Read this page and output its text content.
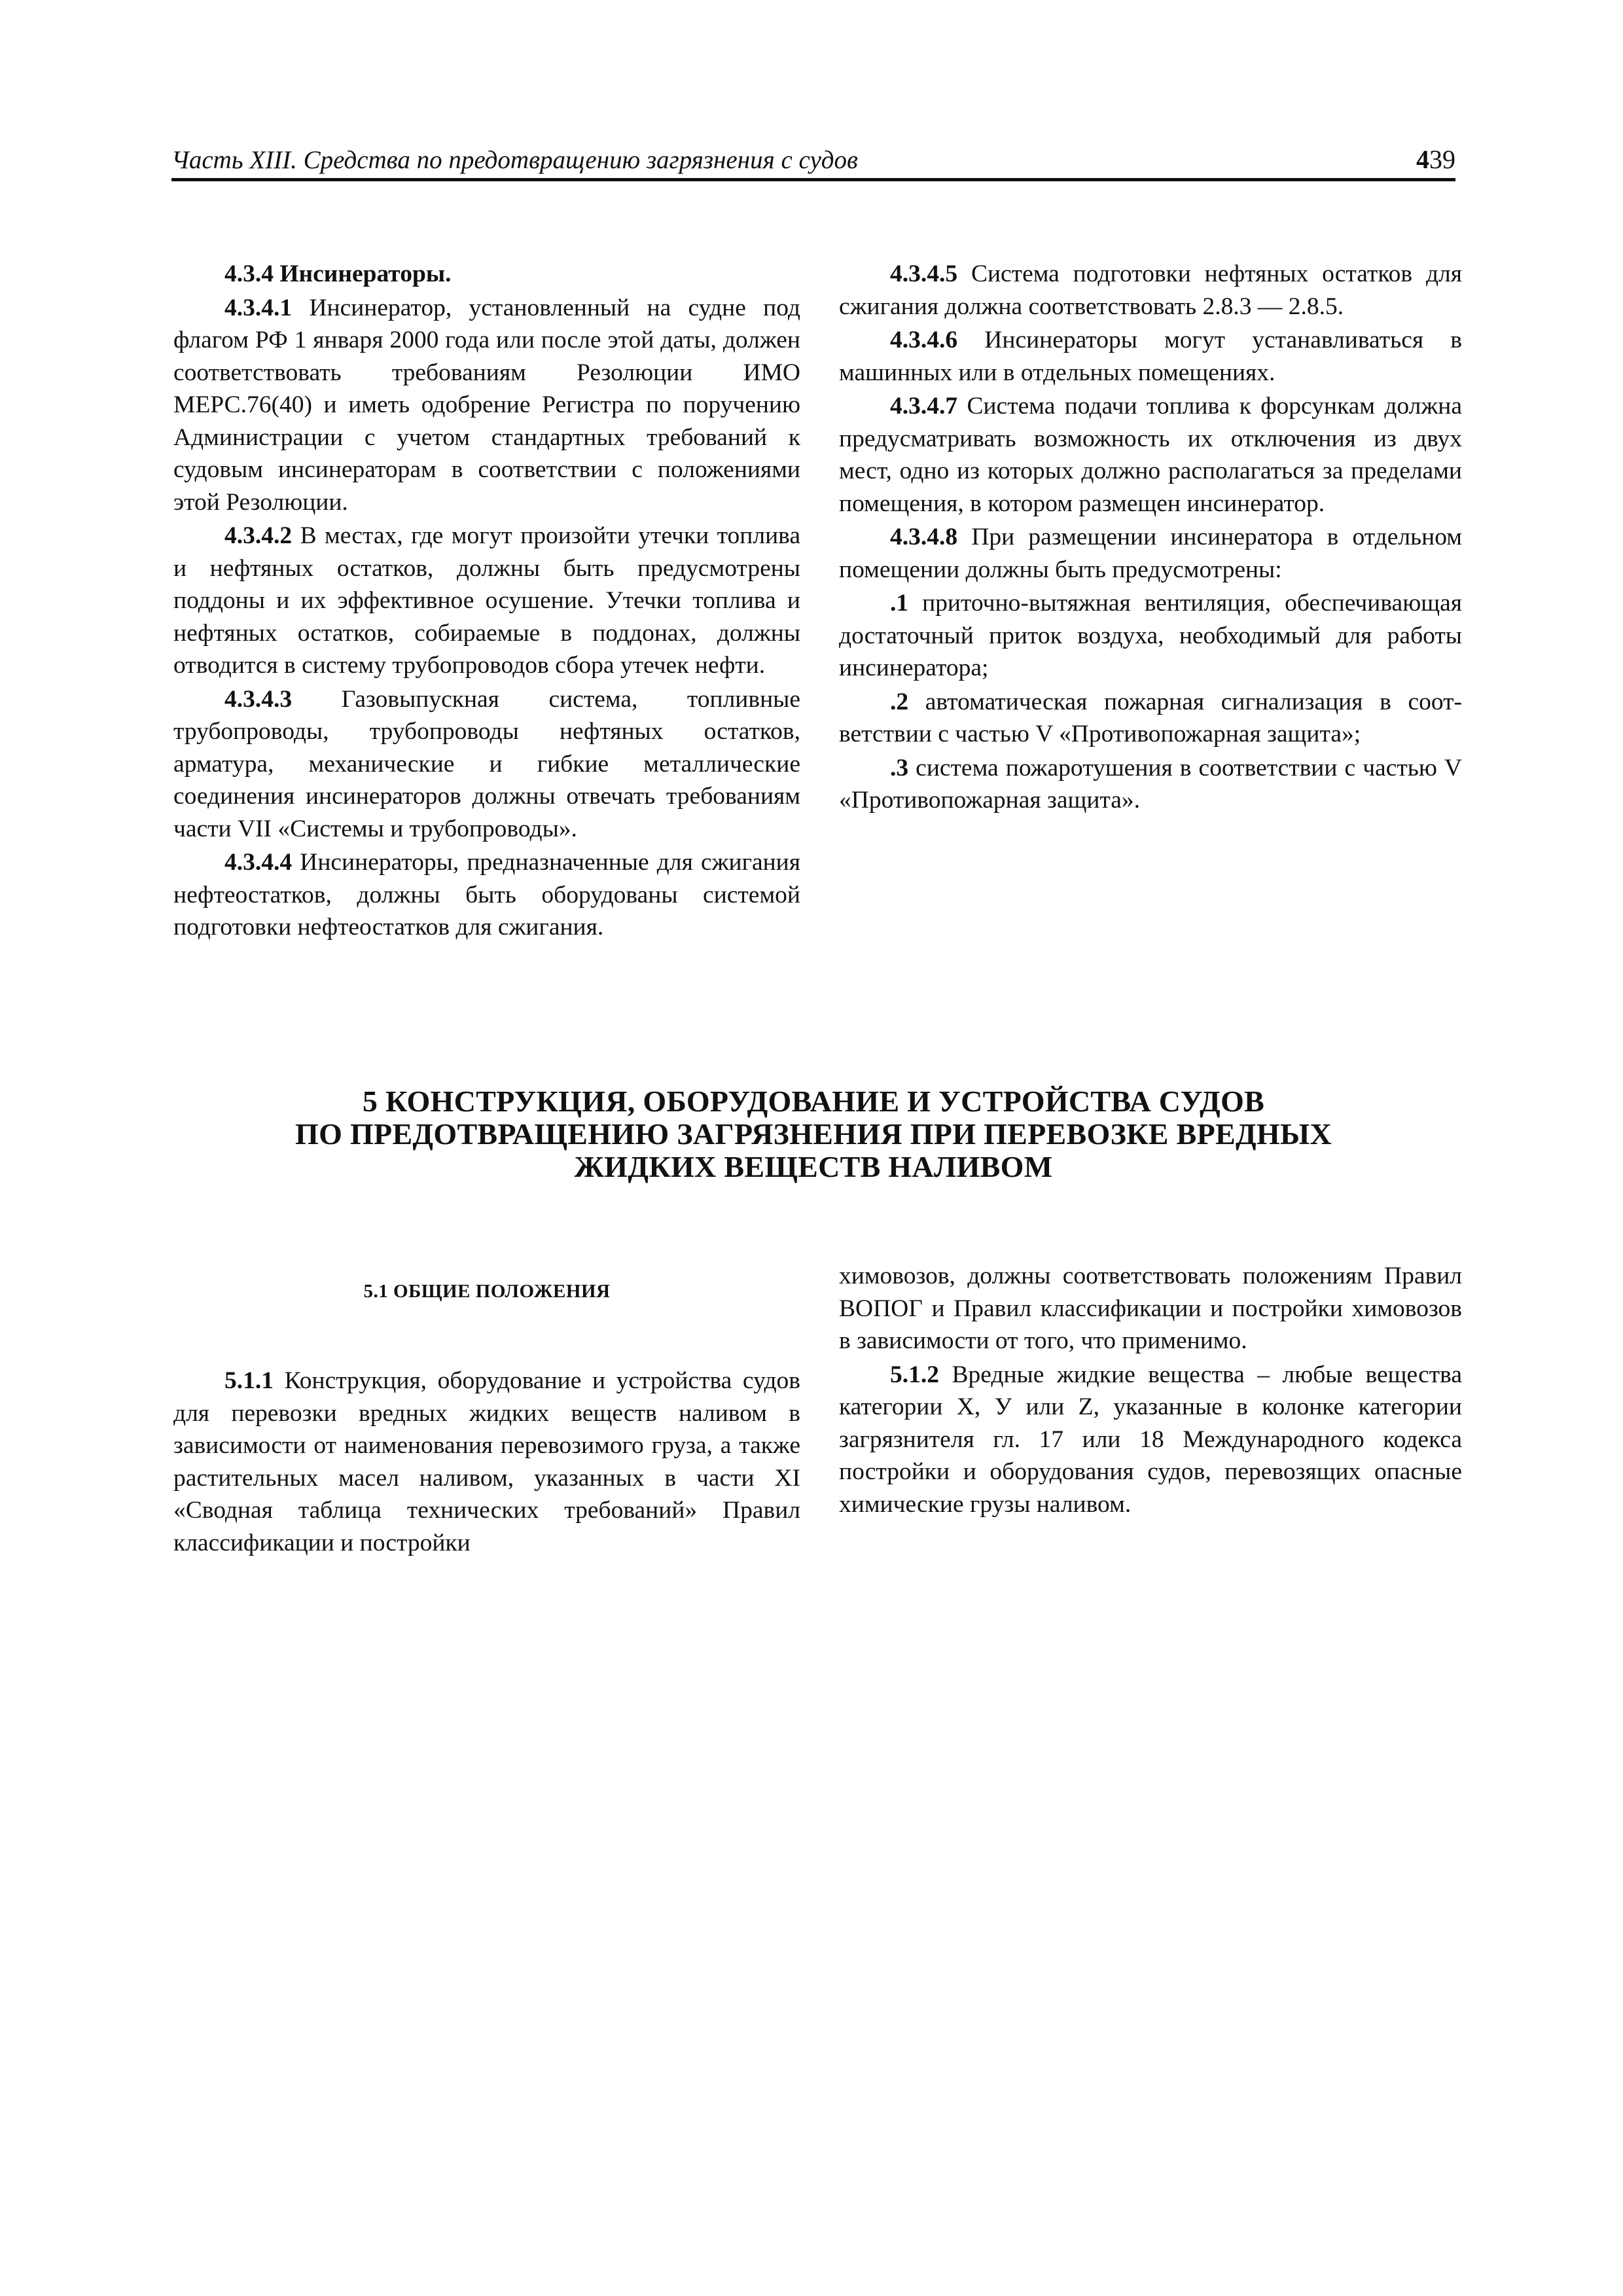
Часть XIII. Средства по предотвращению загрязнения с судов	439

4.3.4 Инсинераторы.

4.3.4.1 Инсинератор, установленный на судне под флагом РФ 1 января 2000 года или после этой даты, должен соответствовать требованиям Резолюции ИМО МЕРС.76(40) и иметь одобрение Регистра по поручению Администрации с учетом стандартных требований к судовым инсинераторам в соответствии с положениями этой Резолюции.

4.3.4.2 В местах, где могут произойти утечки топлива и нефтяных остатков, должны быть предусмотрены поддоны и их эффективное осушение. Утечки топлива и нефтяных остатков, собираемые в поддонах, должны отводится в систему трубопроводов сбора утечек нефти.

4.3.4.3 Газовыпускная система, топливные трубопроводы, трубопроводы нефтяных остатков, арматура, механические и гибкие металлические соединения инсинераторов должны отвечать требованиям части VII «Системы и трубопроводы».

4.3.4.4 Инсинераторы, предназначенные для сжигания нефтеостатков, должны быть оборудованы системой подготовки нефтеостатков для сжигания.

4.3.4.5 Система подготовки нефтяных остатков для сжигания должна соответствовать 2.8.3 — 2.8.5.

4.3.4.6 Инсинераторы могут устанавливаться в машинных или в отдельных помещениях.

4.3.4.7 Система подачи топлива к форсункам должна предусматривать возможность их отключения из двух мест, одно из которых должно располагаться за пределами помещения, в котором размещен инсинератор.

4.3.4.8 При размещении инсинератора в отдельном помещении должны быть предусмотрены:

.1 приточно-вытяжная вентиляция, обеспечивающая достаточный приток воздуха, необходимый для работы инсинератора;

.2 автоматическая пожарная сигнализация в соответствии с частью V «Противопожарная защита»;

.3 система пожаротушения в соответствии с частью V «Противопожарная защита».

5 КОНСТРУКЦИЯ, ОБОРУДОВАНИЕ И УСТРОЙСТВА СУДОВ
ПО ПРЕДОТВРАЩЕНИЮ ЗАГРЯЗНЕНИЯ ПРИ ПЕРЕВОЗКЕ ВРЕДНЫХ
ЖИДКИХ ВЕЩЕСТВ НАЛИВОМ
5.1 ОБЩИЕ ПОЛОЖЕНИЯ

5.1.1 Конструкция, оборудование и устройства судов для перевозки вредных жидких веществ наливом в зависимости от наименования перевозимого груза, а также растительных масел наливом, указанных в части XI «Сводная таблица технических требований» Правил классификации и постройки

химовозов, должны соответствовать положениям Правил ВОПОГ и Правил классификации и постройки химовозов в зависимости от того, что применимо.

5.1.2 Вредные жидкие вещества – любые вещества категории X, У или Z, указанные в колонке категории загрязнителя гл. 17 или 18 Международного кодекса постройки и оборудования судов, перевозящих опасные химические грузы наливом.
